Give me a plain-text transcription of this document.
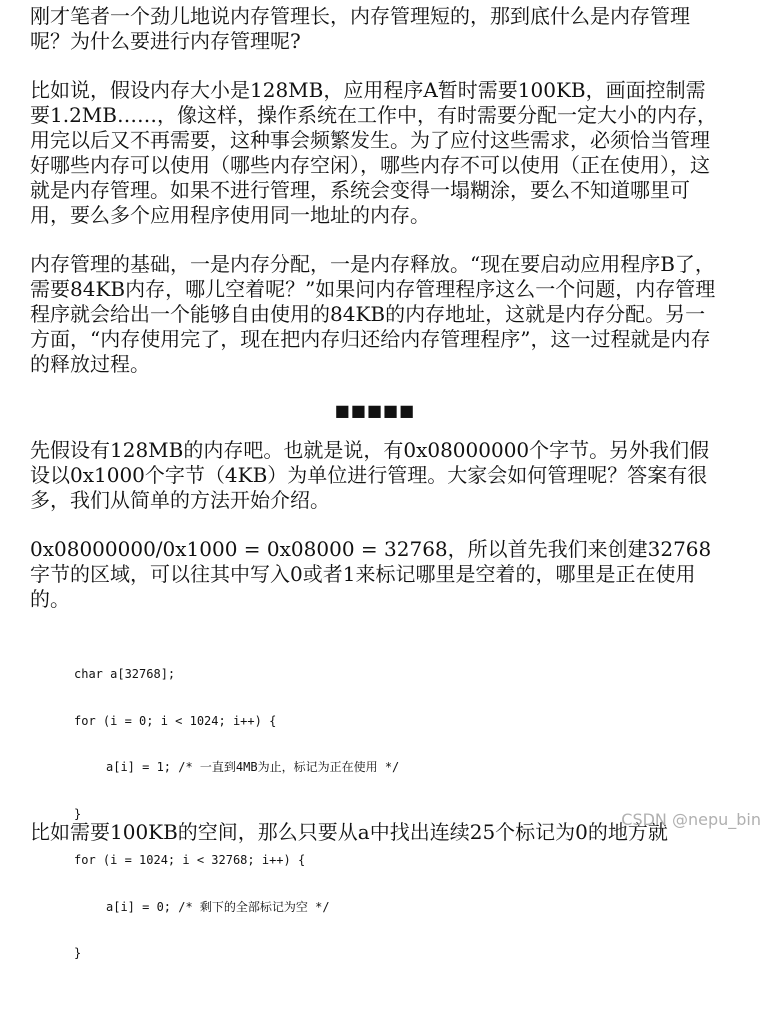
刚才笔者一个劲儿地说内存管理长，内存管理短的，那到底什么是内存管理呢？为什么要进行内存管理呢?

比如说，假设内存大小是128MB，应用程序A暂时需要100KB，画面控制需要1.2MB……，像这样，操作系统在工作中，有时需要分配一定大小的内存，用完以后又不再需要，这种事会频繁发生。为了应付这些需求，必须恰当管理好哪些内存可以使用（哪些内存空闲），哪些内存不可以使用（正在使用），这就是内存管理。如果不进行管理，系统会变得一塌糊涂，要么不知道哪里可用，要么多个应用程序使用同一地址的内存。

内存管理的基础，一是内存分配，一是内存释放。“现在要启动应用程序B了，需要84KB内存，哪儿空着呢？”如果问内存管理程序这么一个问题，内存管理程序就会给出一个能够自由使用的84KB的内存地址，这就是内存分配。另一方面，“内存使用完了，现在把内存归还给内存管理程序”，这一过程就是内存的释放过程。

■■■■■

先假设有128MB的内存吧。也就是说，有0x08000000个字节。另外我们假设以0x1000个字节（4KB）为单位进行管理。大家会如何管理呢？答案有很多，我们从简单的方法开始介绍。

0x08000000/0x1000 = 0x08000 = 32768，所以首先我们来创建32768字节的区域，可以往其中写入0或者1来标记哪里是空着的，哪里是正在使用的。

char a[32768];

for (i = 0; i < 1024; i++) {

a[i] = 1; /* 一直到4MB为止，标记为正在使用 */

}

for (i = 1024; i < 32768; i++) {

a[i] = 0; /* 剩下的全部标记为空 */

}

比如需要100KB的空间，那么只要从a中找出连续25个标记为0的地方就
CSDN @nepu_bin
